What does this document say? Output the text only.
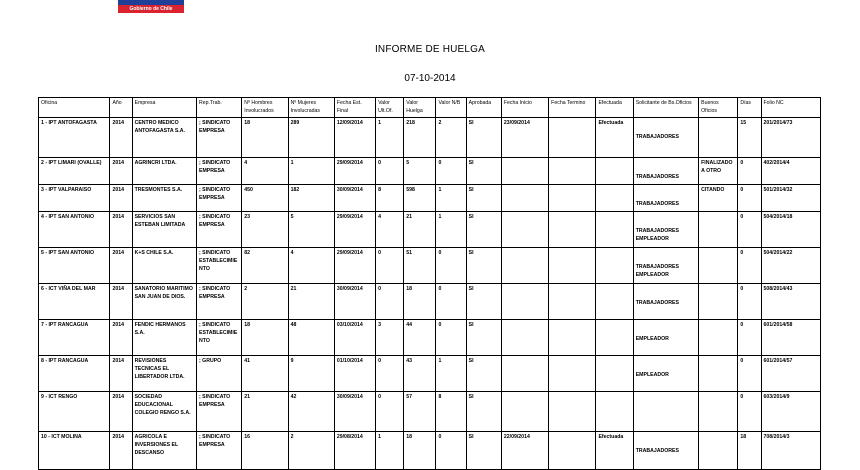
Gobierno de Chile
INFORME DE HUELGA
07-10-2014
Oficina	Año	Empresa	Rep.Trab.	Nº Hombres Involucrados	Nº Mujeres Involucradas	Fecha Est. Final	Valor Ult.Of.	Valor Huelga	Valor N/B	Aprobada	Fecha Inicio	Fecha Termino	Efectuada	Solicitante de Bs.Oficios	Buenos Oficios	Días	Folio NC
1 - IPT ANTOFAGASTA	2014	CENTRO MEDICO ANTOFAGASTA S.A.	; SINDICATO EMPRESA	18	289	12/09/2014	1	218	2	SI	23/09/2014		Efectuada	TRABAJADORES		15	201/2014/73
2 - IPT LIMARI (OVALLE)	2014	AGRINCRI LTDA.	; SINDICATO EMPRESA	4	1	29/09/2014	0	5	0	SI				TRABAJADORES	FINALIZADO A OTRO	0	402/2014/4
3 - IPT VALPARAISO	2014	TRESMONTES S.A.	; SINDICATO EMPRESA	450	182	30/09/2014	8	598	1	SI				TRABAJADORES	CITANDO	0	501/2014/32
4 - IPT SAN ANTONIO	2014	SERVICIOS SAN ESTEBAN LIMITADA	; SINDICATO EMPRESA	23	5	29/09/2014	4	21	1	SI				TRABAJADORES EMPLEADOR		0	504/2014/18
5 - IPT SAN ANTONIO	2014	K+S CHILE S.A.	; SINDICATO ESTABLECIMIENTO	82	4	29/09/2014	0	51	0	SI				TRABAJADORES EMPLEADOR		0	504/2014/22
6 - ICT VIÑA DEL MAR	2014	SANATORIO MARITIMO SAN JUAN DE DIOS.	; SINDICATO EMPRESA	2	21	30/09/2014	0	18	0	SI				TRABAJADORES		0	508/2014/43
7 - IPT RANCAGUA	2014	FENDIC HERMANOS S.A.	; SINDICATO ESTABLECIMIENTO	18	48	03/10/2014	3	44	0	SI				EMPLEADOR		0	601/2014/58
8 - IPT RANCAGUA	2014	REVISIONES TECNICAS EL LIBERTADOR LTDA.	; GRUPO	41	9	01/10/2014	0	43	1	SI				EMPLEADOR		0	601/2014/57
9 - ICT RENGO	2014	SOCIEDAD EDUCACIONAL COLEGIO RENGO S.A.	; SINDICATO EMPRESA	21	42	30/09/2014	0	57	8	SI						0	603/2014/9
10 - ICT MOLINA	2014	AGRICOLA E INVERSIONES EL DESCANSO	; SINDICATO EMPRESA	16	2	29/08/2014	1	18	0	SI	22/09/2014		Efectuada	TRABAJADORES		18	708/2014/3
